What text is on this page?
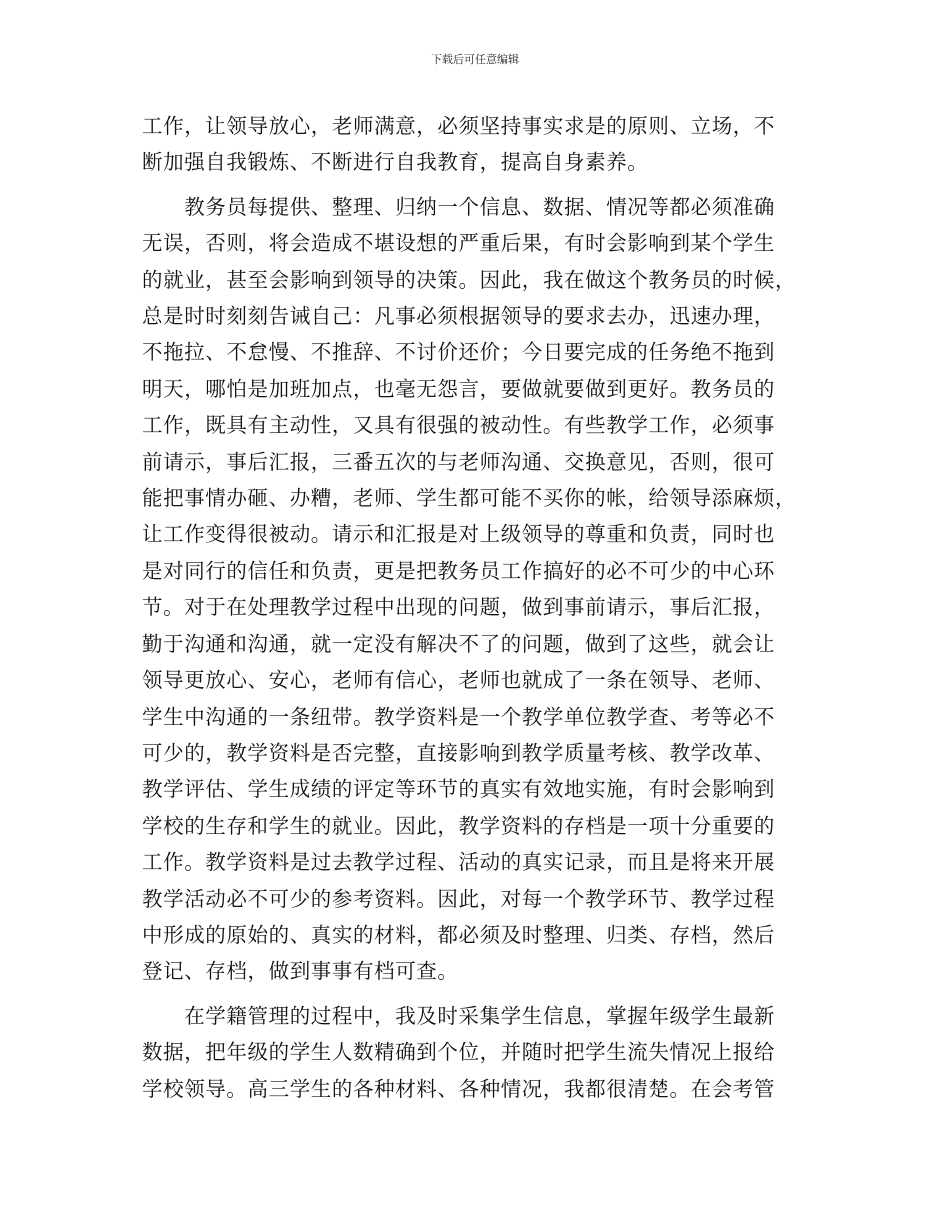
下载后可任意编辑

工作，让领导放心，老师满意，必须坚持事实求是的原则、立场，不

断加强自我锻炼、不断进行自我教育，提高自身素养。

　　教务员每提供、整理、归纳一个信息、数据、情况等都必须准确

无误，否则，将会造成不堪设想的严重后果，有时会影响到某个学生

的就业，甚至会影响到领导的决策。因此，我在做这个教务员的时候，

总是时时刻刻告诫自己：凡事必须根据领导的要求去办，迅速办理，

不拖拉、不怠慢、不推辞、不讨价还价；今日要完成的任务绝不拖到

明天，哪怕是加班加点，也毫无怨言，要做就要做到更好。教务员的

工作，既具有主动性，又具有很强的被动性。有些教学工作，必须事

前请示，事后汇报，三番五次的与老师沟通、交换意见，否则，很可

能把事情办砸、办糟，老师、学生都可能不买你的帐，给领导添麻烦，

让工作变得很被动。请示和汇报是对上级领导的尊重和负责，同时也

是对同行的信任和负责，更是把教务员工作搞好的必不可少的中心环

节。对于在处理教学过程中出现的问题，做到事前请示，事后汇报，

勤于沟通和沟通，就一定没有解决不了的问题，做到了这些，就会让

领导更放心、安心，老师有信心，老师也就成了一条在领导、老师、

学生中沟通的一条纽带。教学资料是一个教学单位教学查、考等必不

可少的，教学资料是否完整，直接影响到教学质量考核、教学改革、

教学评估、学生成绩的评定等环节的真实有效地实施，有时会影响到

学校的生存和学生的就业。因此，教学资料的存档是一项十分重要的

工作。教学资料是过去教学过程、活动的真实记录，而且是将来开展

教学活动必不可少的参考资料。因此，对每一个教学环节、教学过程

中形成的原始的、真实的材料，都必须及时整理、归类、存档，然后

登记、存档，做到事事有档可查。

　　在学籍管理的过程中，我及时采集学生信息，掌握年级学生最新

数据，把年级的学生人数精确到个位，并随时把学生流失情况上报给

学校领导。高三学生的各种材料、各种情况，我都很清楚。在会考管
